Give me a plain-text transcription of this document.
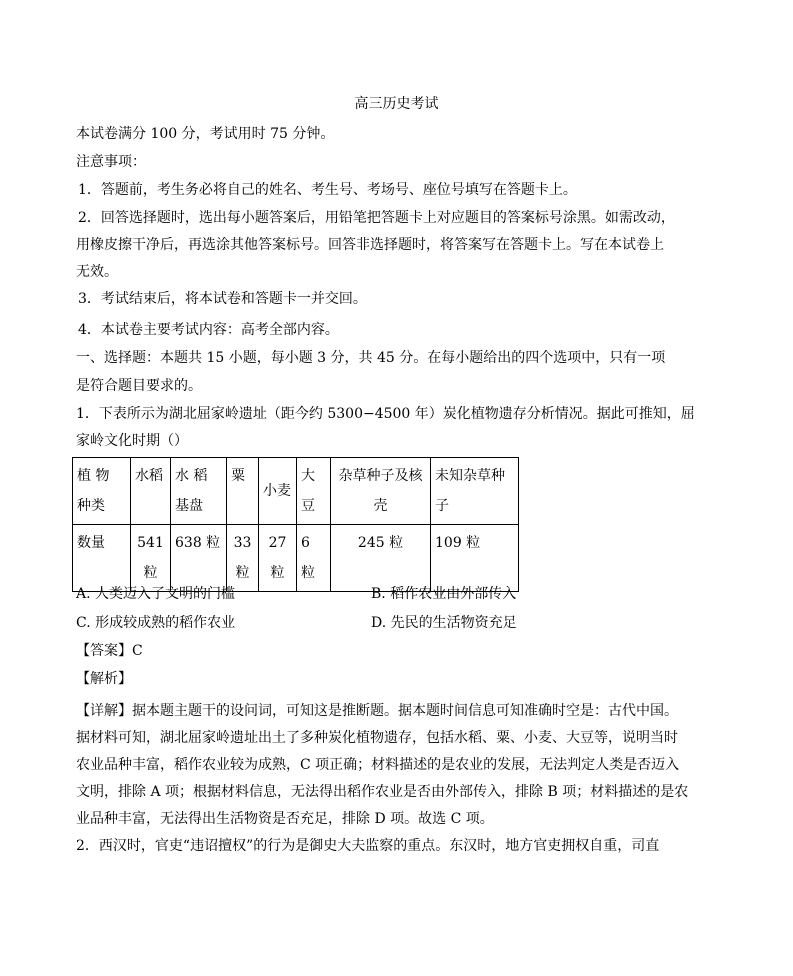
高三历史考试
本试卷满分 100 分，考试用时 75 分钟。
注意事项：
1．答题前，考生务必将自己的姓名、考生号、考场号、座位号填写在答题卡上。
2．回答选择题时，选出每小题答案后，用铅笔把答题卡上对应题目的答案标号涂黑。如需改动，
用橡皮擦干净后，再选涂其他答案标号。回答非选择题时，将答案写在答题卡上。写在本试卷上
无效。
3．考试结束后，将本试卷和答题卡一并交回。
4．本试卷主要考试内容：高考全部内容。
一、选择题：本题共 15 小题，每小题 3 分，共 45 分。在每小题给出的四个选项中，只有一项
是符合题目要求的。
1．下表所示为湖北屈家岭遗址（距今约 5300−4500 年）炭化植物遗存分析情况。据此可推知，屈
家岭文化时期（）
植 物 种类	水稻	水 稻 基盘	粟	小麦	大豆	杂草种子及核壳	未知杂草种子
数量	541 粒	638 粒	33 粒	27 粒	6 粒	245 粒	109 粒
A. 人类迈入了文明的门槛	B. 稻作农业由外部传入
C. 形成较成熟的稻作农业	D. 先民的生活物资充足
【答案】C
【解析】
【详解】据本题主题干的设问词，可知这是推断题。据本题时间信息可知准确时空是：古代中国。
据材料可知，湖北屈家岭遗址出土了多种炭化植物遗存，包括水稻、粟、小麦、大豆等，说明当时
农业品种丰富，稻作农业较为成熟，C 项正确；材料描述的是农业的发展，无法判定人类是否迈入
文明，排除 A 项；根据材料信息，无法得出稻作农业是否由外部传入，排除 B 项；材料描述的是农
业品种丰富，无法得出生活物资是否充足，排除 D 项。故选 C 项。
2．西汉时，官吏“违诏擅权”的行为是御史大夫监察的重点。东汉时，地方官吏拥权自重，司直
